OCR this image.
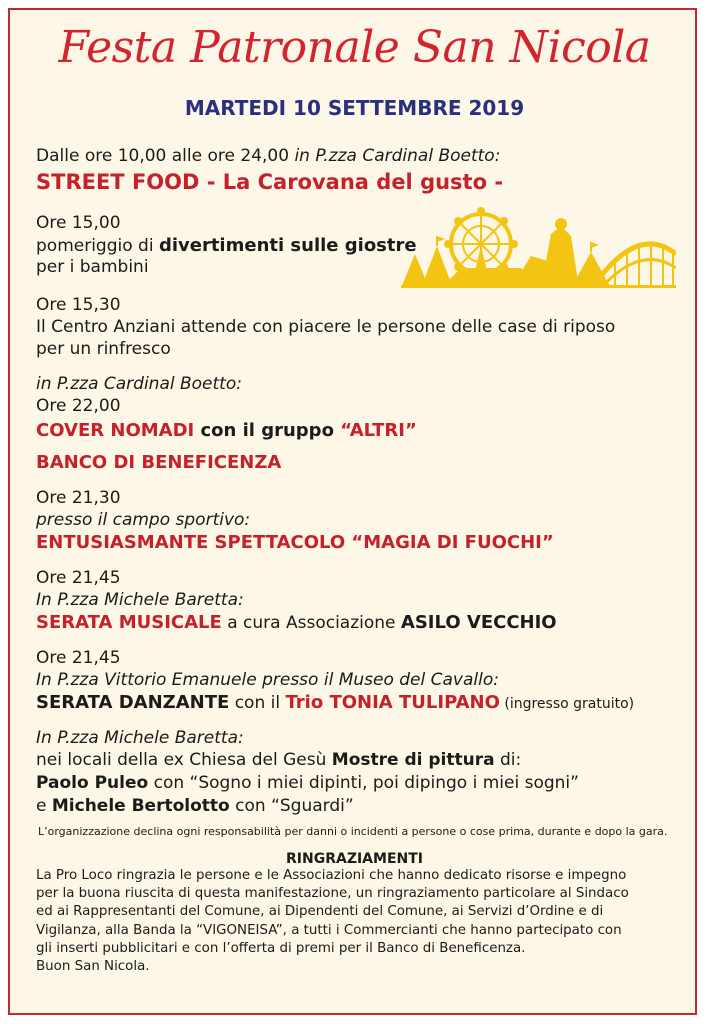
Festa Patronale San Nicola
MARTEDI 10 SETTEMBRE 2019
Dalle ore 10,00 alle ore 24,00 in P.zza Cardinal Boetto:
STREET FOOD - La Carovana del gusto -
Ore 15,00
pomeriggio di divertimenti sulle giostre
per i bambini
Ore 15,30
Il Centro Anziani attende con piacere le persone delle case di riposo
per un rinfresco
in P.zza Cardinal Boetto:
Ore 22,00
COVER NOMADI con il gruppo “ALTRI”
BANCO DI BENEFICENZA
Ore 21,30
presso il campo sportivo:
ENTUSIASMANTE SPETTACOLO “MAGIA DI FUOCHI”
Ore 21,45
In P.zza Michele Baretta:
SERATA MUSICALE a cura Associazione ASILO VECCHIO
Ore 21,45
In P.zza Vittorio Emanuele presso il Museo del Cavallo:
SERATA DANZANTE con il Trio TONIA TULIPANO (ingresso gratuito)
In P.zza Michele Baretta:
nei locali della ex Chiesa del Gesù Mostre di pittura di:
Paolo Puleo con “Sogno i miei dipinti, poi dipingo i miei sogni”
e Michele Bertolotto con “Sguardi”
L’organizzazione declina ogni responsabilità per danni o incidenti a persone o cose prima, durante e dopo la gara.
RINGRAZIAMENTI
La Pro Loco ringrazia le persone e le Associazioni che hanno dedicato risorse e impegno
per la buona riuscita di questa manifestazione, un ringraziamento particolare al Sindaco
ed ai Rappresentanti del Comune, ai Dipendenti del Comune, ai Servizi d’Ordine e di
Vigilanza, alla Banda la “VIGONEISA”, a tutti i Commercianti che hanno partecipato con
gli inserti pubblicitari e con l’offerta di premi per il Banco di Beneficenza.
Buon San Nicola.
